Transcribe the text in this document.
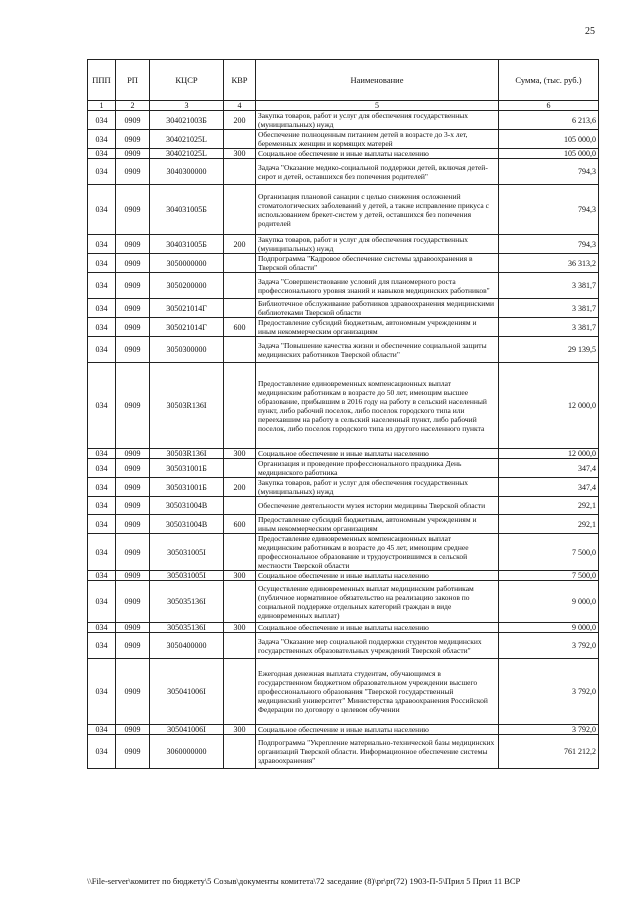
25
ППП	РП	КЦСР	КВР	Наименование	Сумма, (тыс. руб.)
1	2	3	4	5	6
034	0909	304021003Б	200	Закупка товаров, работ и услуг для обеспечения государственных (муниципальных) нужд	6 213,6
034	0909	304021025L		Обеспечение полноценным питанием детей в возрасте до 3-х лет, беременных женщин и кормящих матерей	105 000,0
034	0909	304021025L	300	Социальное обеспечение и иные выплаты населению	105 000,0
034	0909	3040300000		Задача "Оказание медико-социальной поддержки детей, включая детей-сирот и детей, оставшихся без попечения родителей"	794,3
034	0909	304031005Б		Организация плановой санации с целью снижения осложнений стоматологических заболеваний у детей, а также исправление прикуса с использованием брекет-систем у детей, оставшихся без попечения родителей	794,3
034	0909	304031005Б	200	Закупка товаров, работ и услуг для обеспечения государственных (муниципальных) нужд	794,3
034	0909	3050000000		Подпрограмма "Кадровое обеспечение системы здравоохранения в Тверской области"	36 313,2
034	0909	3050200000		Задача "Совершенствование условий для планомерного роста профессионального уровня знаний и навыков медицинских работников"	3 381,7
034	0909	305021014Г		Библиотечное обслуживание работников здравоохранения медицинскими библиотеками Тверской области	3 381,7
034	0909	305021014Г	600	Предоставление субсидий бюджетным, автономным учреждениям и иным некоммерческим организациям	3 381,7
034	0909	3050300000		Задача "Повышение качества жизни и обеспечение социальной защиты медицинских работников Тверской области"	29 139,5
034	0909	30503R136I		Предоставление единовременных компенсационных выплат медицинским работникам в возрасте до 50 лет, имеющим высшее образование, прибывшим в 2016 году на работу в сельский населенный пункт, либо рабочий поселок, либо поселок городского типа или переехавшим на работу в сельский населенный пункт, либо рабочий поселок, либо поселок городского типа из другого населенного пункта	12 000,0
034	0909	30503R136I	300	Социальное обеспечение и иные выплаты населению	12 000,0
034	0909	305031001Б		Организация и проведение профессионального праздника День медицинского работника	347,4
034	0909	305031001Б	200	Закупка товаров, работ и услуг для обеспечения государственных (муниципальных) нужд	347,4
034	0909	305031004В		Обеспечение деятельности музея истории медицины Тверской области	292,1
034	0909	305031004В	600	Предоставление субсидий бюджетным, автономным учреждениям и иным некоммерческим организациям	292,1
034	0909	305031005I		Предоставление единовременных компенсационных выплат медицинским работникам в возрасте до 45 лет, имеющим среднее профессиональное образование и трудоустроившимся в сельской местности Тверской области	7 500,0
034	0909	305031005I	300	Социальное обеспечение и иные выплаты населению	7 500,0
034	0909	305035136I		Осуществление единовременных выплат медицинским работникам (публичное нормативное обязательство на реализацию законов по социальной поддержке отдельных категорий граждан в виде единовременных выплат)	9 000,0
034	0909	305035136I	300	Социальное обеспечение и иные выплаты населению	9 000,0
034	0909	3050400000		Задача "Оказание мер социальной поддержки студентов медицинских государственных образовательных учреждений Тверской области"	3 792,0
034	0909	305041006I		Ежегодная денежная выплата студентам, обучающимся в государственном бюджетном образовательном учреждении высшего профессионального образования "Тверской государственный медицинский университет" Министерства здравоохранения Российской Федерации по договору о целевом обучении	3 792,0
034	0909	305041006I	300	Социальное обеспечение и иные выплаты населению	3 792,0
034	0909	3060000000		Подпрограмма "Укрепление материально-технической базы медицинских организаций Тверской области. Информационное обеспечение системы здравоохранения"	761 212,2
\\File-server\комитет по бюджету\5 Созыв\документы комитета\72 заседание (8)\pr\pr(72) 1903-П-5\Прил 5 Прил 11 ВСР
